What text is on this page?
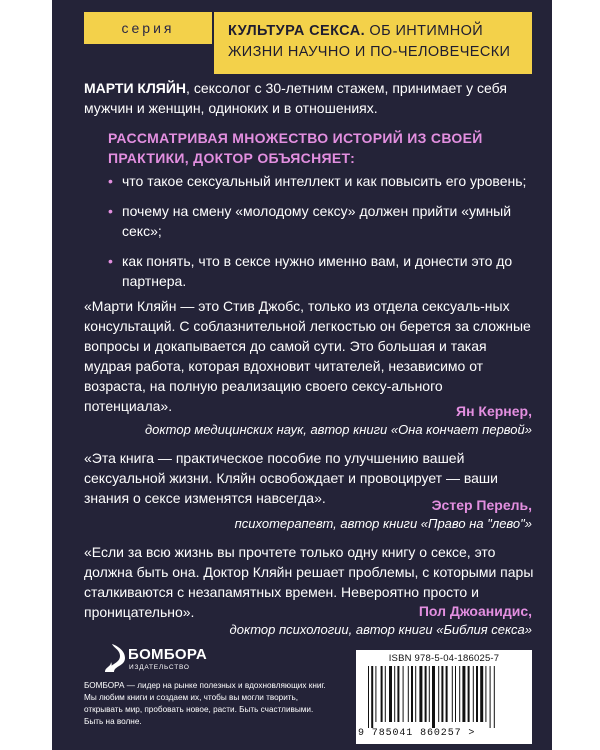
серия	КУЛЬТУРА СЕКСА. ОБ ИНТИМНОЙ ЖИЗНИ НАУЧНО И ПО-ЧЕЛОВЕЧЕСКИ

МАРТИ КЛЯЙН, сексолог с 30-летним стажем, принимает у себя мужчин и женщин, одиноких и в отношениях.

РАССМАТРИВАЯ МНОЖЕСТВО ИСТОРИЙ ИЗ СВОЕЙ ПРАКТИКИ, ДОКТОР ОБЪЯСНЯЕТ:

• что такое сексуальный интеллект и как повысить его уровень;
• почему на смену «молодому сексу» должен прийти «умный секс»;
• как понять, что в сексе нужно именно вам, и донести это до партнера.

«Марти Кляйн — это Стив Джобс, только из отдела сексуаль-ных консультаций. С соблазнительной легкостью он берется за сложные вопросы и докапывается до самой сути. Это большая и такая мудрая работа, которая вдохновит читателей, независимо от возраста, на полную реализацию своего сексу-ального потенциала».	Ян Кернер,

доктор медицинских наук, автор книги «Она кончает первой»

«Эта книга — практическое пособие по улучшению вашей сексуальной жизни. Кляйн освобождает и провоцирует — ваши знания о сексе изменятся навсегда».	Эстер Перель,

психотерапевт, автор книги «Право на "лево"»

«Если за всю жизнь вы прочтете только одну книгу о сексе, это должна быть она. Доктор Кляйн решает проблемы, с которыми пары сталкиваются с незапамятных времен. Невероятно просто и проницательно».	Пол Джоанидис,

доктор психологии, автор книги «Библия секса»

БОМБОРА
ИЗДАТЕЛЬСТВО

БОМБОРА — лидер на рынке полезных и вдохновляющих книг. Мы любим книги и создаем их, чтобы вы могли творить, открывать мир, пробовать новое, расти. Быть счастливыми. Быть на волне.

ISBN 978-5-04-186025-7
9 785041 860257 >
